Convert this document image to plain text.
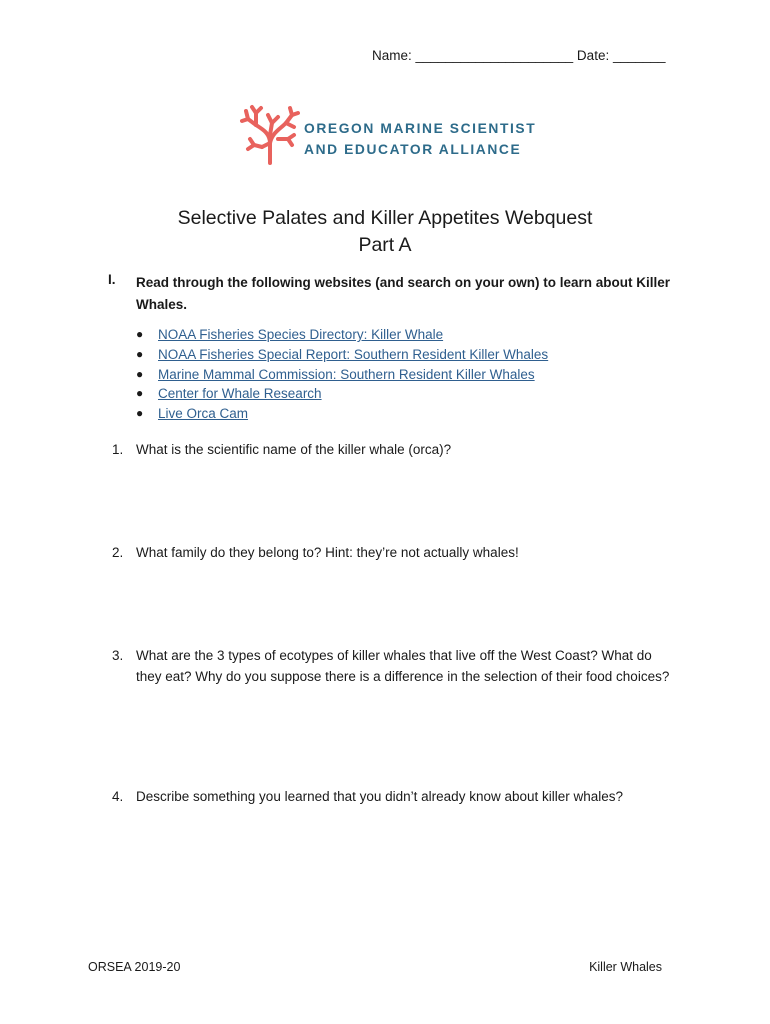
Name: _____________________ Date: _______
OREGON MARINE SCIENTIST
AND EDUCATOR ALLIANCE
Selective Palates and Killer Appetites Webquest
Part A
I. Read through the following websites (and search on your own) to learn about Killer Whales.
● NOAA Fisheries Species Directory: Killer Whale
● NOAA Fisheries Special Report: Southern Resident Killer Whales
● Marine Mammal Commission: Southern Resident Killer Whales
● Center for Whale Research
● Live Orca Cam
1. What is the scientific name of the killer whale (orca)?
2. What family do they belong to? Hint: they’re not actually whales!
3. What are the 3 types of ecotypes of killer whales that live off the West Coast? What do they eat? Why do you suppose there is a difference in the selection of their food choices?
4. Describe something you learned that you didn’t already know about killer whales?
ORSEA 2019-20	Killer Whales
